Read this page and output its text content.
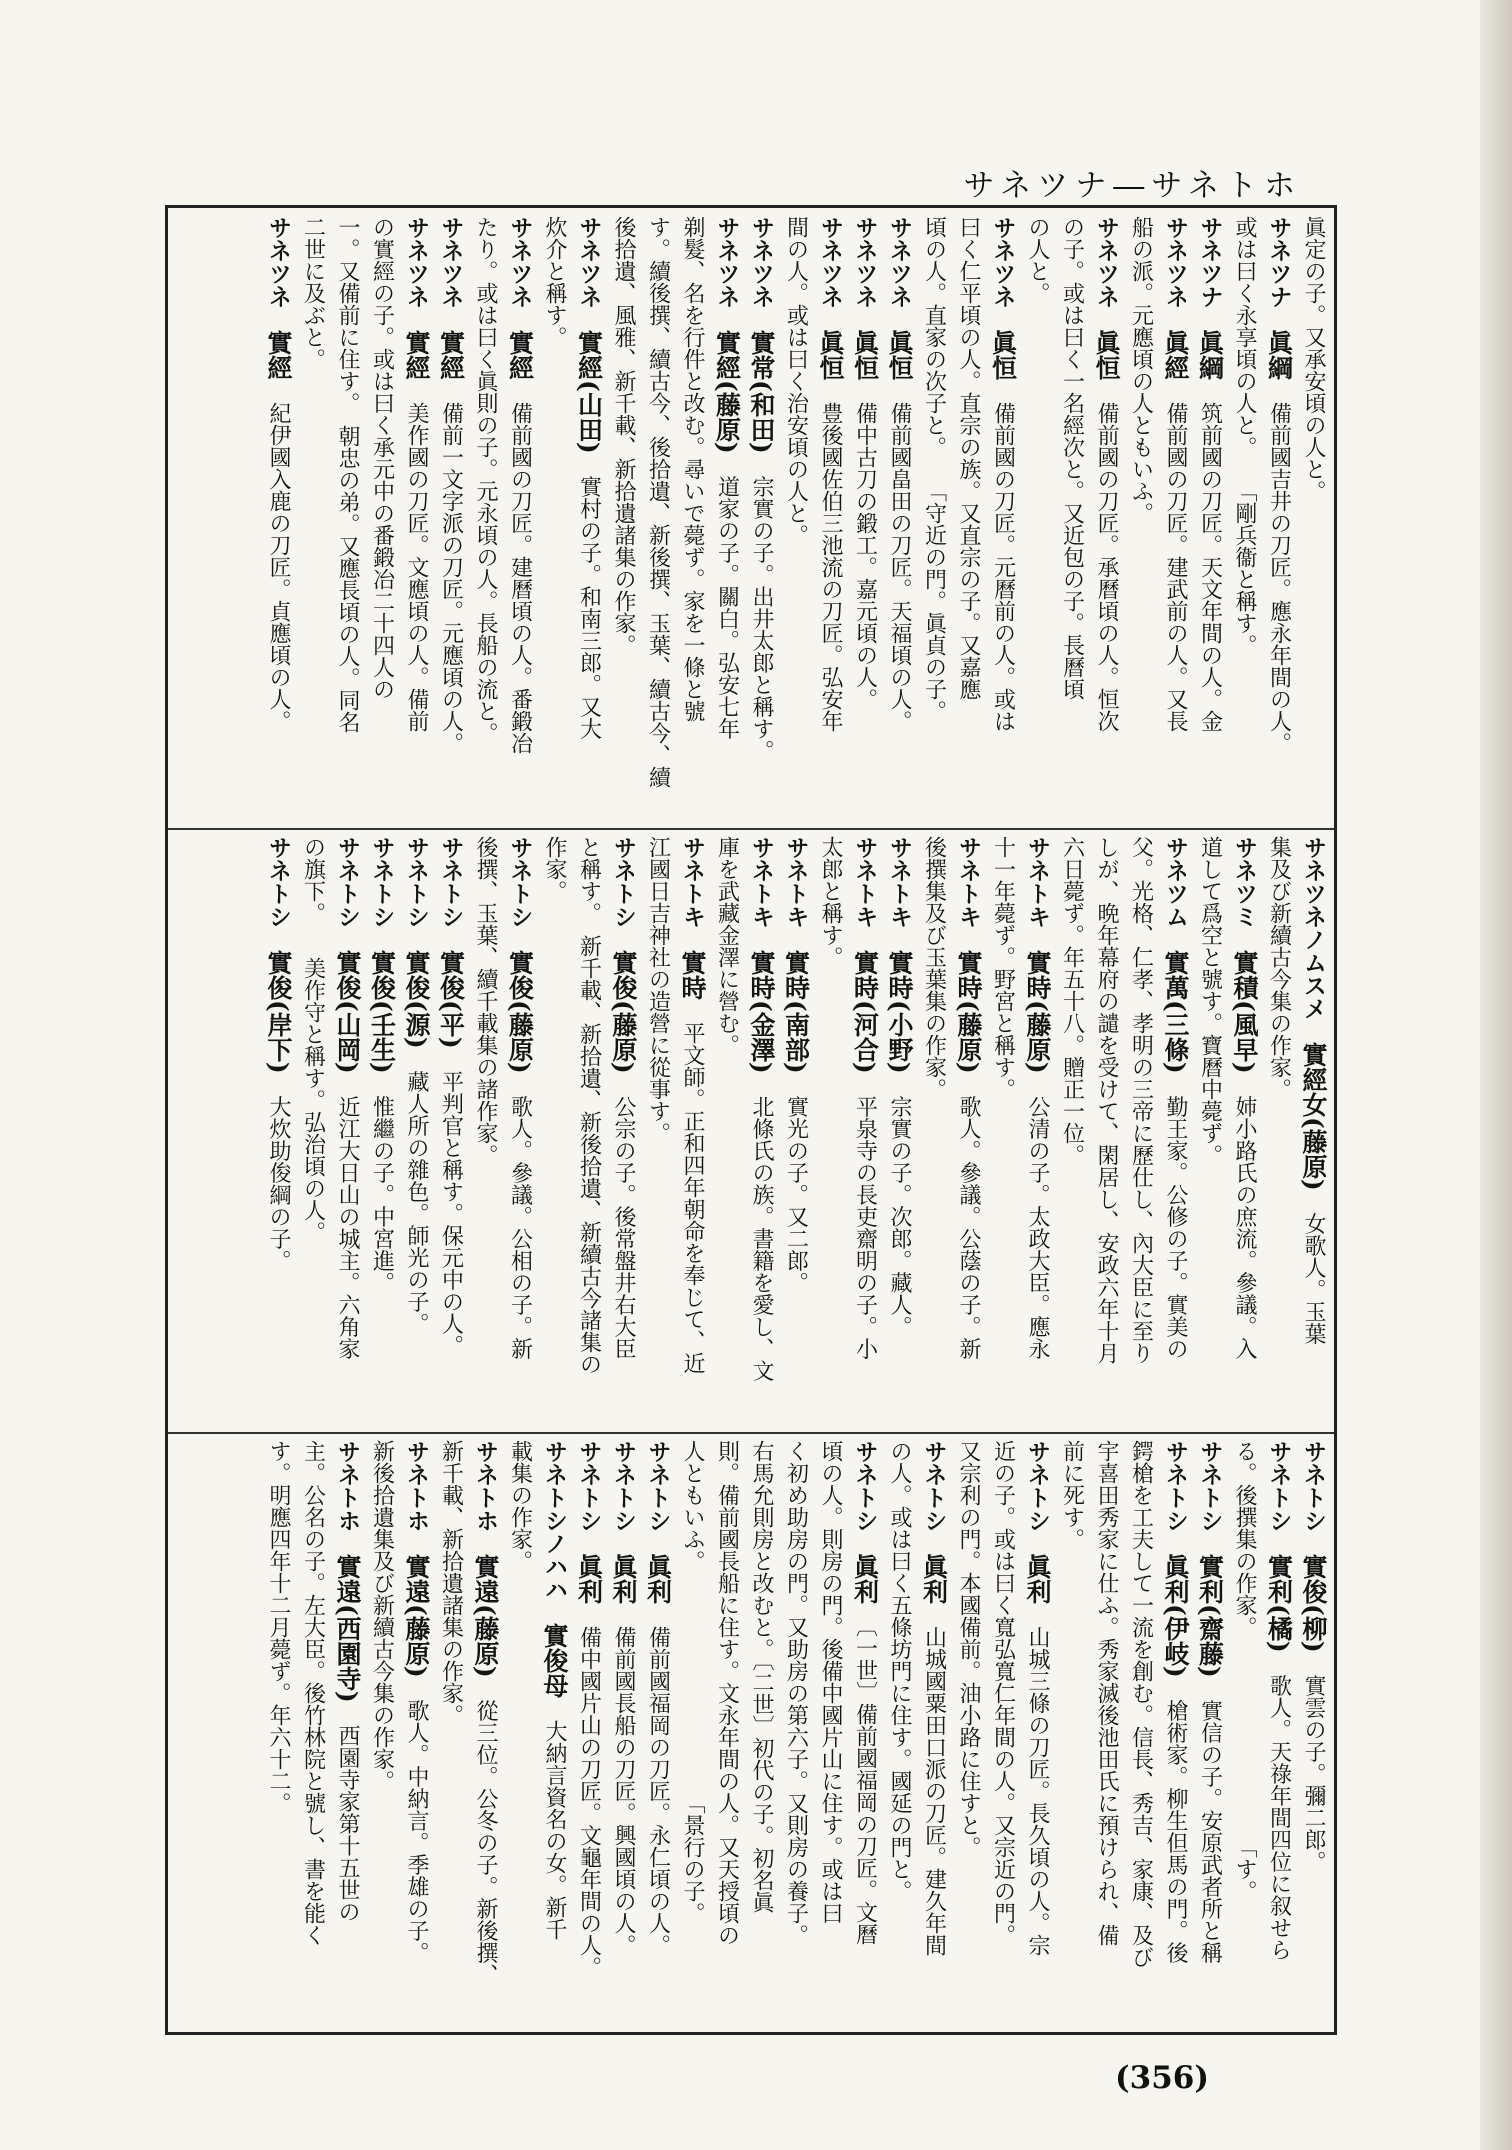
サネツナ―サネトホ
眞定の子。又承安頃の人と。
サネツナ　眞綱　備前國吉井の刀匠。應永年間の人。
或は曰く永享頃の人と。　　「剛兵衞と稱す。
サネツナ　眞綱　筑前國の刀匠。天文年間の人。金
サネツネ　眞經　備前國の刀匠。建武前の人。又長
船の派。元應頃の人ともいふ。
サネツネ　眞恒　備前國の刀匠。承曆頃の人。恒次
の子。或は曰く一名經次と。又近包の子。長曆頃
の人と。
サネツネ　眞恒　備前國の刀匠。元曆前の人。或は
曰く仁平頃の人。直宗の族。又直宗の子。又嘉應
頃の人。直家の次子と。　　「守近の門。眞貞の子。
サネツネ　眞恒　備前國畠田の刀匠。天福頃の人。
サネツネ　眞恒　備中古刀の鍛工。嘉元頃の人。
サネツネ　眞恒　豊後國佐伯三池流の刀匠。弘安年
間の人。或は曰く治安頃の人と。
サネツネ　實常(和田)　宗實の子。出井太郎と稱す。
サネツネ　實經(藤原)　道家の子。關白。弘安七年
剃髮、名を行件と改む。尋いで薨ず。家を一條と號
す。續後撰、續古今、後拾遺、新後撰、玉葉、續古今、續
後拾遺、風雅、新千載、新拾遺諸集の作家。
サネツネ　實經(山田)　實村の子。和南三郎。又大
炊介と稱す。
サネツネ　實經　備前國の刀匠。建曆頃の人。番鍛冶
たり。或は曰く眞則の子。元永頃の人。長船の流と。
サネツネ　實經　備前一文字派の刀匠。元應頃の人。
サネツネ　實經　美作國の刀匠。文應頃の人。備前
の實經の子。或は曰く承元中の番鍛冶二十四人の
一。又備前に住す。　朝忠の弟。又應長頃の人。同名
二世に及ぶと。
サネツネ　實經　紀伊國入鹿の刀匠。貞應頃の人。
サネツネノムスメ　實經女(藤原)　女歌人。玉葉
集及び新續古今集の作家。
サネツミ　實積(風早)　姉小路氏の庶流。參議。入
道して爲空と號す。寶曆中薨ず。
サネツム　實萬(三條)　勤王家。公修の子。實美の
父。光格、仁孝、孝明の三帝に歷仕し、內大臣に至り
しが、晩年幕府の譴を受けて、閑居し、安政六年十月
六日薨ず。年五十八。贈正一位。
サネトキ　實時(藤原)　公清の子。太政大臣。應永
十一年薨ず。野宮と稱す。
サネトキ　實時(藤原)　歌人。參議。公蔭の子。新
後撰集及び玉葉集の作家。
サネトキ　實時(小野)　宗實の子。次郎。藏人。
サネトキ　實時(河合)　平泉寺の長吏齋明の子。小
太郎と稱す。
サネトキ　實時(南部)　實光の子。又二郎。
サネトキ　實時(金澤)　北條氏の族。書籍を愛し、文
庫を武藏金澤に營む。
サネトキ　實時　平文師。正和四年朝命を奉じて、近
江國日吉神社の造營に從事す。
サネトシ　實俊(藤原)　公宗の子。後常盤井右大臣
と稱す。　新千載、新拾遺、新後拾遺、新續古今諸集の
作家。
サネトシ　實俊(藤原)　歌人。參議。公相の子。新
後撰、玉葉、續千載集の諸作家。
サネトシ　實俊(平)　平判官と稱す。保元中の人。
サネトシ　實俊(源)　藏人所の雜色。師光の子。
サネトシ　實俊(壬生)　惟繼の子。中宮進。
サネトシ　實俊(山岡)　近江大日山の城主。六角家
の旗下。　　美作守と稱す。弘治頃の人。
サネトシ　實俊(岸下)　大炊助俊綱の子。
サネトシ　實俊(柳)　實雲の子。彌二郎。
サネトシ　實利(橘)　歌人。天祿年間四位に叙せら
る。後撰集の作家。　　　　　　　　　　「す。
サネトシ　實利(齋藤)　實信の子。安原武者所と稱
サネトシ　眞利(伊岐)　槍術家。柳生但馬の門。後
鍔槍を工夫して一流を創む。信長、秀吉、家康、及び
宇喜田秀家に仕ふ。秀家滅後池田氏に預けられ、備
前に死す。
サネトシ　眞利　山城三條の刀匠。長久頃の人。宗
近の子。或は曰く寬弘寬仁年間の人。又宗近の門。
又宗利の門。本國備前。油小路に住すと。
サネトシ　眞利　山城國粟田口派の刀匠。建久年間
の人。或は曰く五條坊門に住す。國延の門と。
サネトシ　眞利　〔一世〕備前國福岡の刀匠。文曆
頃の人。則房の門。後備中國片山に住す。或は曰
く初め助房の門。又助房の第六子。又則房の養子。
右馬允則房と改むと。〔二世〕初代の子。初名眞
則。備前國長船に住す。文永年間の人。又天授頃の
人ともいふ。　　　　　　　　　　　「景行の子。
サネトシ　眞利　備前國福岡の刀匠。永仁頃の人。
サネトシ　眞利　備前國長船の刀匠。興國頃の人。
サネトシ　眞利　備中國片山の刀匠。文龜年間の人。
サネトシノハハ　實俊母　大納言資名の女。新千
載集の作家。
サネトホ　實遠(藤原)　從三位。公冬の子。新後撰、
新千載、新拾遺諸集の作家。
サネトホ　實遠(藤原)　歌人。中納言。季雄の子。
新後拾遺集及び新續古今集の作家。
サネトホ　實遠(西園寺)　西園寺家第十五世の
主。公名の子。左大臣。後竹林院と號し、書を能く
す。明應四年十二月薨ず。年六十二。
(356)
